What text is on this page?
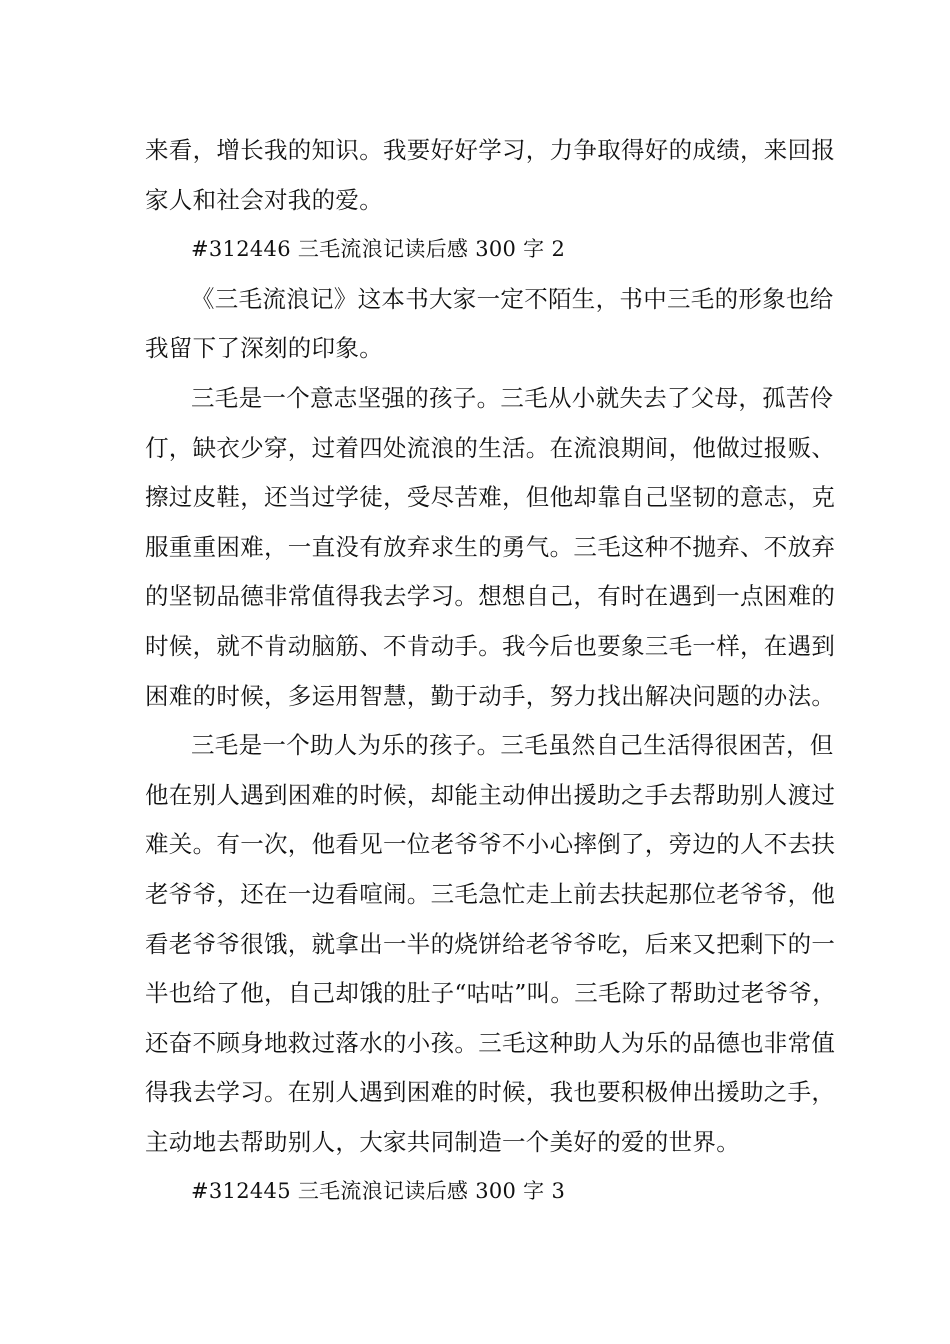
来看，增长我的知识。我要好好学习，力争取得好的成绩，来回报
家人和社会对我的爱。
#312446 三毛流浪记读后感 300 字 2
《三毛流浪记》这本书大家一定不陌生，书中三毛的形象也给
我留下了深刻的印象。
三毛是一个意志坚强的孩子。三毛从小就失去了父母，孤苦伶
仃，缺衣少穿，过着四处流浪的生活。在流浪期间，他做过报贩、
擦过皮鞋，还当过学徒，受尽苦难，但他却靠自己坚韧的意志，克
服重重困难，一直没有放弃求生的勇气。三毛这种不抛弃、不放弃
的坚韧品德非常值得我去学习。想想自己，有时在遇到一点困难的
时候，就不肯动脑筋、不肯动手。我今后也要象三毛一样，在遇到
困难的时候，多运用智慧，勤于动手，努力找出解决问题的办法。
三毛是一个助人为乐的孩子。三毛虽然自己生活得很困苦，但
他在别人遇到困难的时候，却能主动伸出援助之手去帮助别人渡过
难关。有一次，他看见一位老爷爷不小心摔倒了，旁边的人不去扶
老爷爷，还在一边看喧闹。三毛急忙走上前去扶起那位老爷爷，他
看老爷爷很饿，就拿出一半的烧饼给老爷爷吃，后来又把剩下的一
半也给了他，自己却饿的肚子“咕咕”叫。三毛除了帮助过老爷爷，
还奋不顾身地救过落水的小孩。三毛这种助人为乐的品德也非常值
得我去学习。在别人遇到困难的时候，我也要积极伸出援助之手，
主动地去帮助别人，大家共同制造一个美好的爱的世界。
#312445 三毛流浪记读后感 300 字 3
